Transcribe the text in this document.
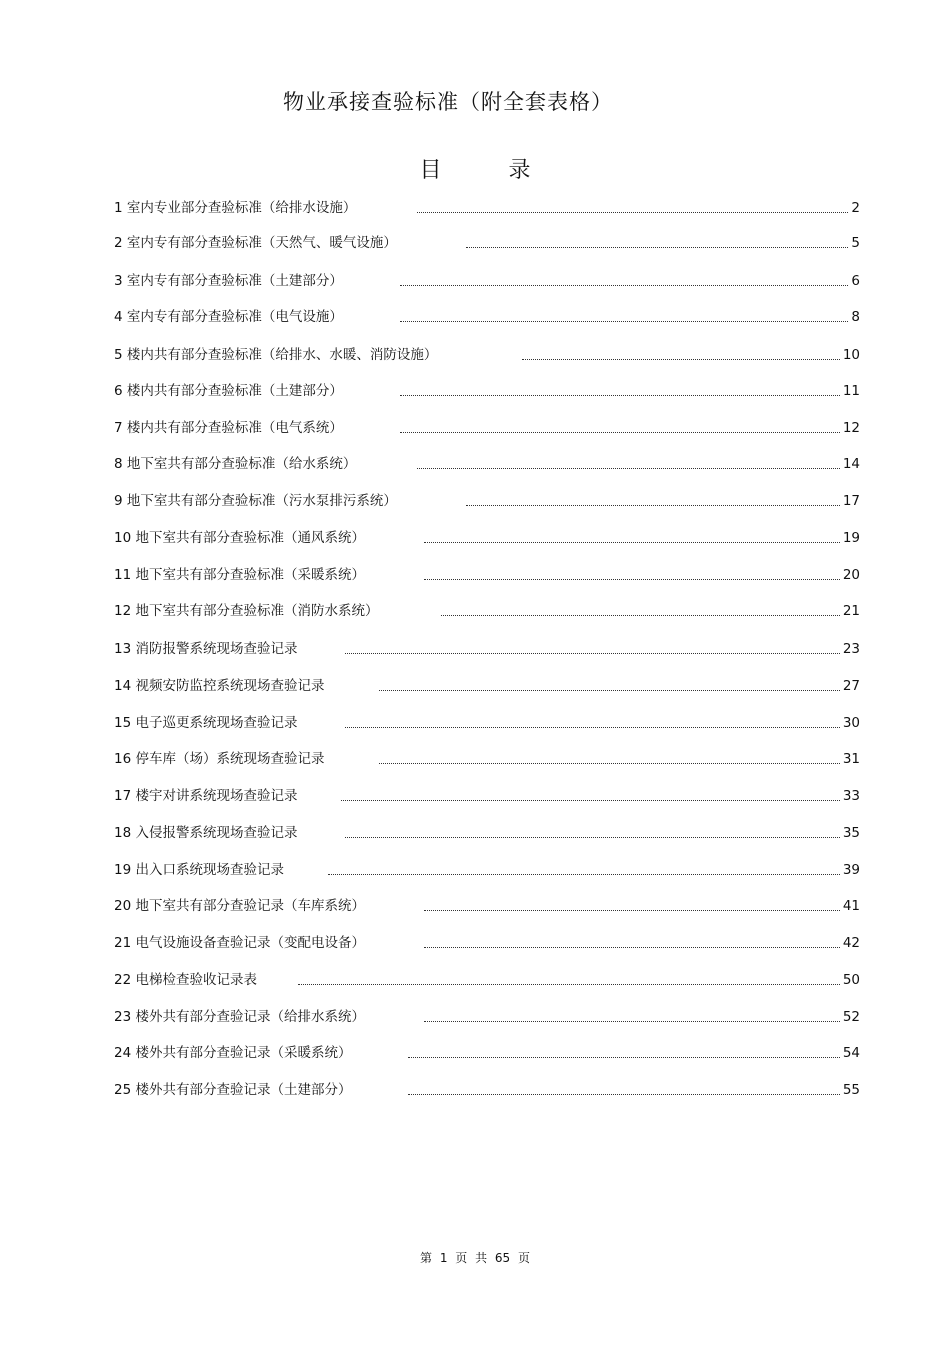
物业承接查验标准（附全套表格）
目 录
1 室内专业部分查验标准（给排水设施）	2
2 室内专有部分查验标准（天然气、暖气设施）	5
3 室内专有部分查验标准（土建部分）	6
4 室内专有部分查验标准（电气设施）	8
5 楼内共有部分查验标准（给排水、水暖、消防设施）	10
6 楼内共有部分查验标准（土建部分）	11
7 楼内共有部分查验标准（电气系统）	12
8 地下室共有部分查验标准（给水系统）	14
9 地下室共有部分查验标准（污水泵排污系统）	17
10 地下室共有部分查验标准（通风系统）	19
11 地下室共有部分查验标准（采暖系统）	20
12 地下室共有部分查验标准（消防水系统）	21
13 消防报警系统现场查验记录	23
14 视频安防监控系统现场查验记录	27
15 电子巡更系统现场查验记录	30
16 停车库（场）系统现场查验记录	31
17 楼宇对讲系统现场查验记录	33
18 入侵报警系统现场查验记录	35
19 出入口系统现场查验记录	39
20 地下室共有部分查验记录（车库系统）	41
21 电气设施设备查验记录（变配电设备）	42
22 电梯检查验收记录表	50
23 楼外共有部分查验记录（给排水系统）	52
24 楼外共有部分查验记录（采暖系统）	54
25 楼外共有部分查验记录（土建部分）	55
第 1 页 共 65 页
